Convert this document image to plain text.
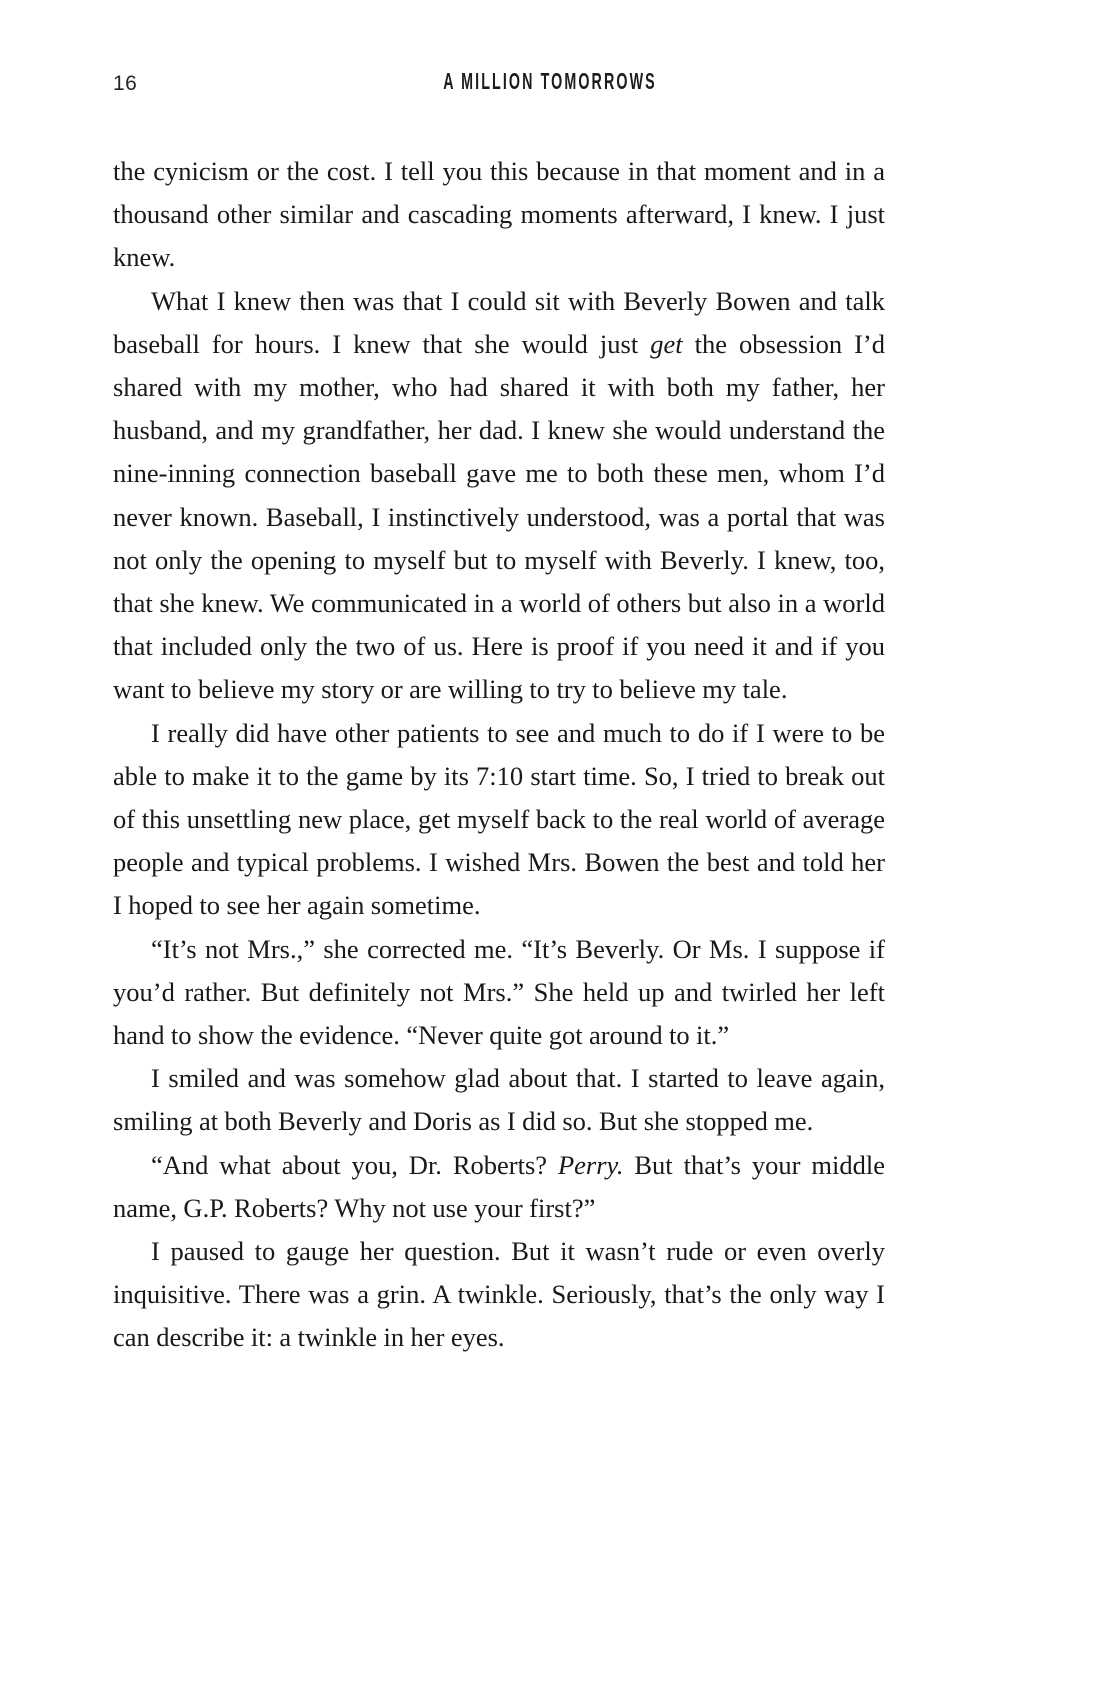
16	A MILLION TOMORROWS

the cynicism or the cost. I tell you this because in that moment and in a thousand other similar and cascading moments afterward, I knew. I just knew.

What I knew then was that I could sit with Beverly Bowen and talk baseball for hours. I knew that she would just get the obsession I’d shared with my mother, who had shared it with both my father, her husband, and my grandfather, her dad. I knew she would understand the nine-inning connection baseball gave me to both these men, whom I’d never known. Baseball, I instinctively understood, was a portal that was not only the opening to myself but to myself with Beverly. I knew, too, that she knew. We communicated in a world of others but also in a world that included only the two of us. Here is proof if you need it and if you want to believe my story or are willing to try to believe my tale.

I really did have other patients to see and much to do if I were to be able to make it to the game by its 7:10 start time. So, I tried to break out of this unsettling new place, get myself back to the real world of average people and typical problems. I wished Mrs. Bowen the best and told her I hoped to see her again sometime.

“It’s not Mrs.,” she corrected me. “It’s Beverly. Or Ms. I suppose if you’d rather. But definitely not Mrs.” She held up and twirled her left hand to show the evidence. “Never quite got around to it.”

I smiled and was somehow glad about that. I started to leave again, smiling at both Beverly and Doris as I did so. But she stopped me.

“And what about you, Dr. Roberts? Perry. But that’s your middle name, G.P. Roberts? Why not use your first?”

I paused to gauge her question. But it wasn’t rude or even overly inquisitive. There was a grin. A twinkle. Seriously, that’s the only way I can describe it: a twinkle in her eyes.
